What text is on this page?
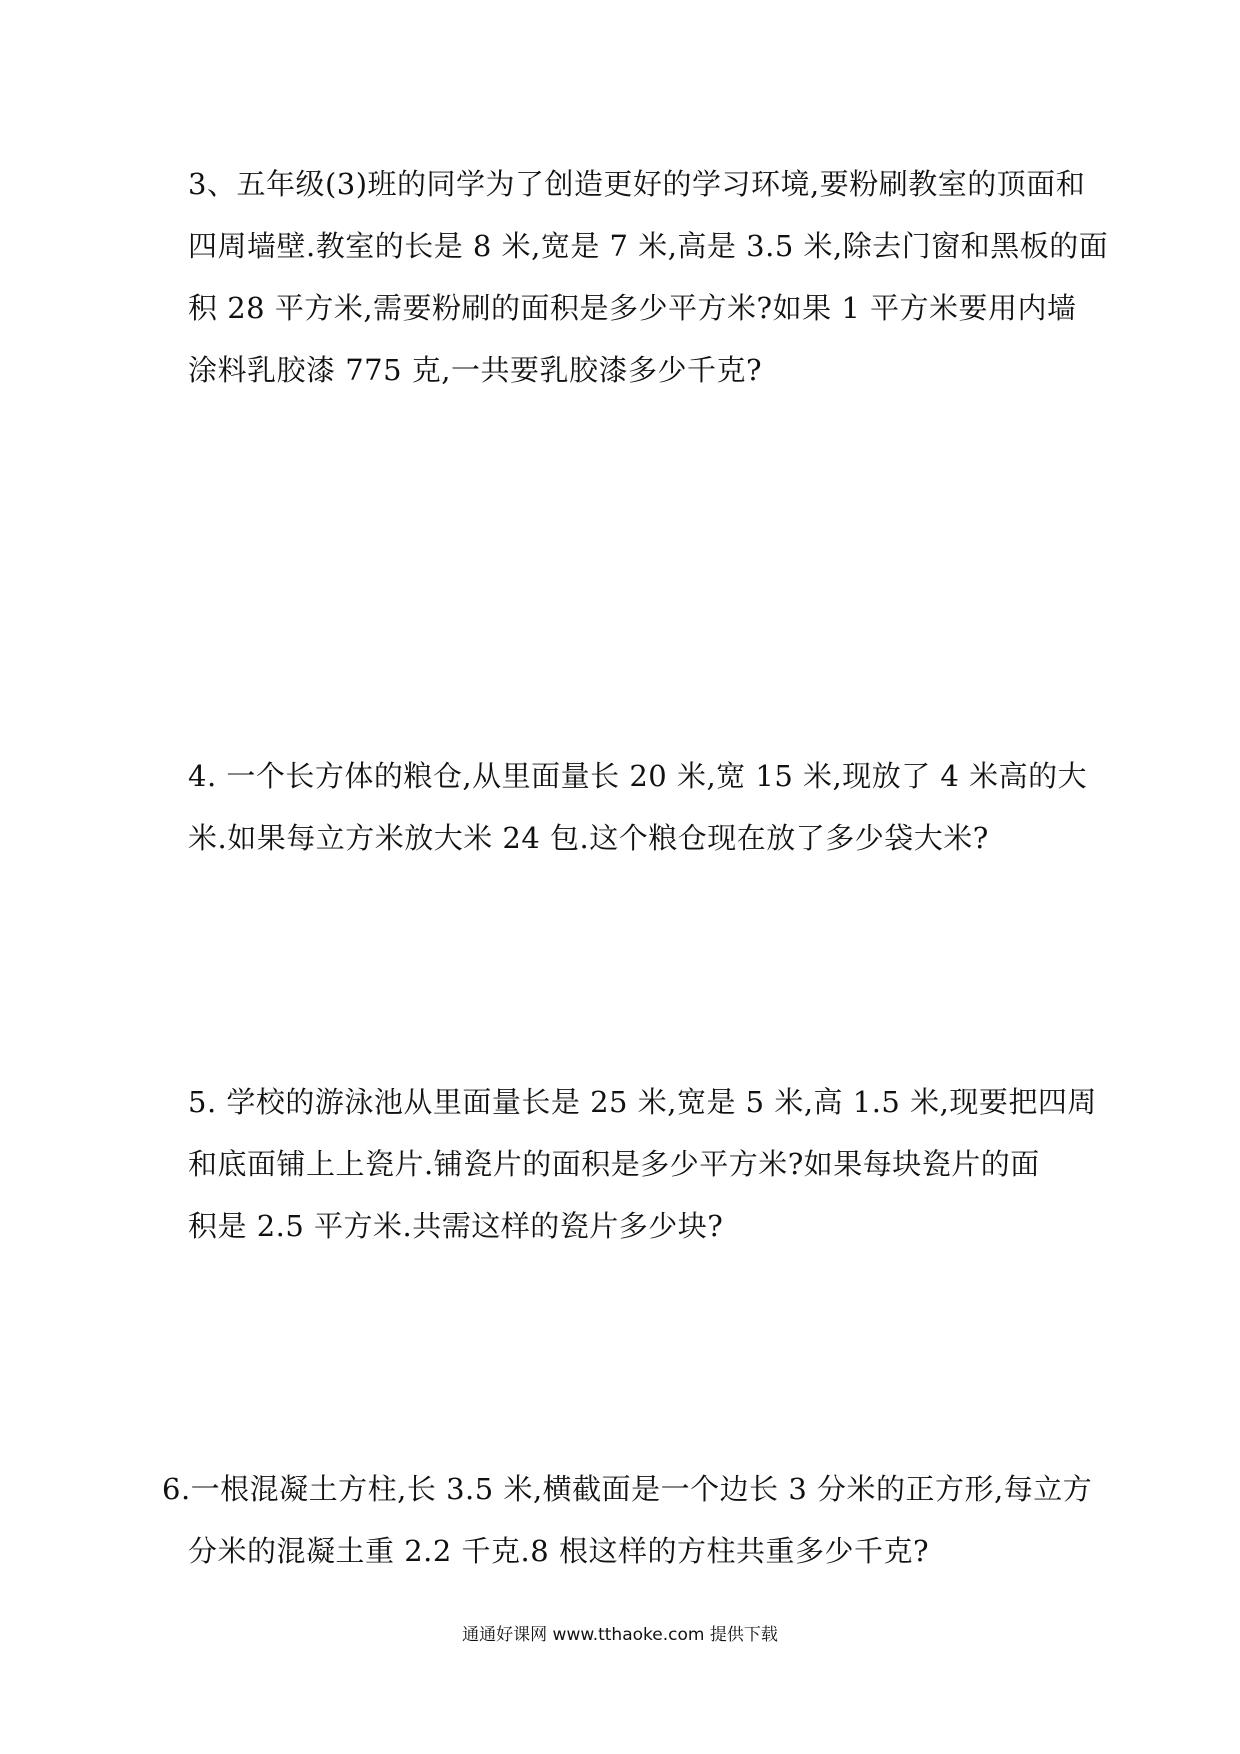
3、五年级(3)班的同学为了创造更好的学习环境,要粉刷教室的顶面和
四周墙壁.教室的长是 8 米,宽是 7 米,高是 3.5 米,除去门窗和黑板的面
积 28 平方米,需要粉刷的面积是多少平方米?如果 1 平方米要用内墙
涂料乳胶漆 775 克,一共要乳胶漆多少千克?
4. 一个长方体的粮仓,从里面量长 20 米,宽 15 米,现放了 4 米高的大
米.如果每立方米放大米 24 包.这个粮仓现在放了多少袋大米?
5. 学校的游泳池从里面量长是 25 米,宽是 5 米,高 1.5 米,现要把四周
和底面铺上上瓷片.铺瓷片的面积是多少平方米?如果每块瓷片的面
积是 2.5 平方米.共需这样的瓷片多少块?
6.一根混凝土方柱,长 3.5 米,横截面是一个边长 3 分米的正方形,每立方
分米的混凝土重 2.2 千克.8 根这样的方柱共重多少千克?
通通好课网 www.tthaoke.com 提供下载
